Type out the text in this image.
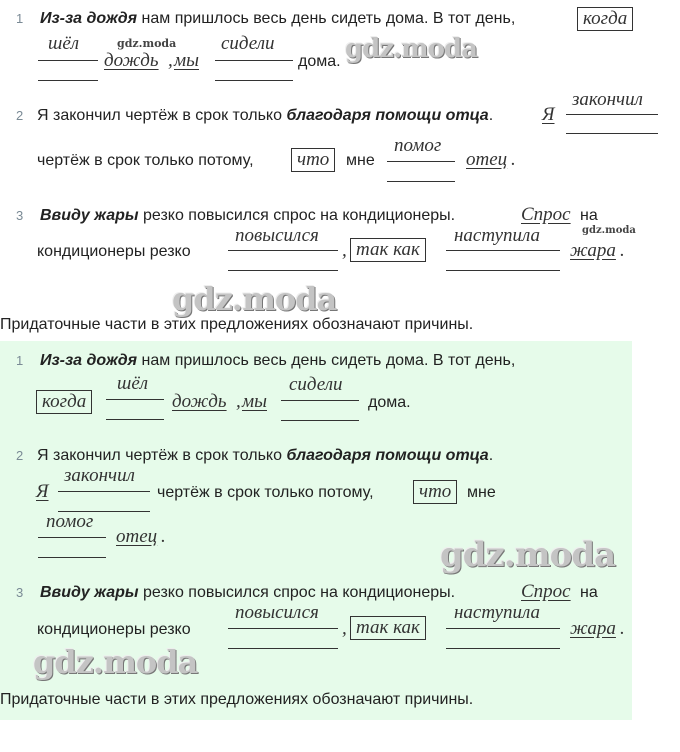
1 Из-за дождя нам пришлось весь день сидеть дома. В тот день,	когда
шёл
дождь , мы
сидели
дома.
2 Я закончил чертёж в срок только благодаря помощи отца.	Я
закончил
чертёж в срок только потому,	что	мне
помог
отец .
3 Ввиду жары резко повысился спрос на кондиционеры.	Спрос на
кондиционеры резко
повысился
, так как
наступила
жара .
Придаточные части в этих предложениях обозначают причины.
1 Из-за дождя нам пришлось весь день сидеть дома. В тот день,
когда
шёл
дождь , мы
сидели
дома.
2 Я закончил чертёж в срок только благодаря помощи отца.
Я
закончил
чертёж в срок только потому,	что мне
помог
отец .
3 Ввиду жары резко повысился спрос на кондиционеры.	Спрос на
кондиционеры резко
повысился
, так как
наступила
жара .
Придаточные части в этих предложениях обозначают причины.
gdz.moda	gdz.moda
gdz.moda
gdz.moda
gdz.moda
gdz.moda
